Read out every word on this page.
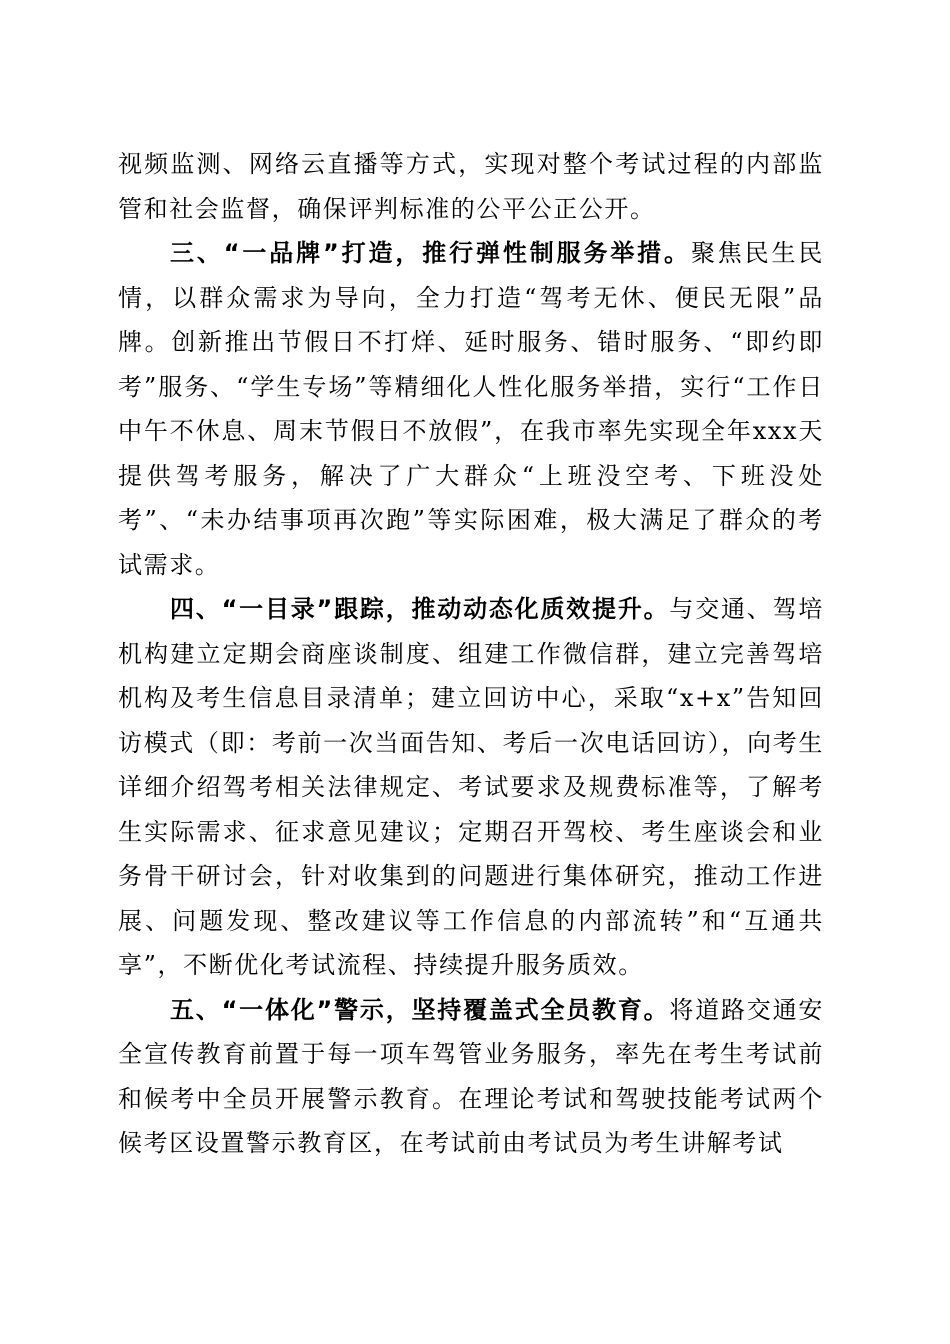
视频监测、网络云直播等方式，实现对整个考试过程的内部监管和社会监督，确保评判标准的公平公正公开。

三、“一品牌”打造，推行弹性制服务举措。聚焦民生民情，以群众需求为导向，全力打造“驾考无休、便民无限”品牌。创新推出节假日不打烊、延时服务、错时服务、“即约即考”服务、“学生专场”等精细化人性化服务举措，实行“工作日中午不休息、周末节假日不放假”，在我市率先实现全年xxx天提供驾考服务，解决了广大群众“上班没空考、下班没处考”、“未办结事项再次跑”等实际困难，极大满足了群众的考试需求。

四、“一目录”跟踪，推动动态化质效提升。与交通、驾培机构建立定期会商座谈制度、组建工作微信群，建立完善驾培机构及考生信息目录清单；建立回访中心，采取“x+x”告知回访模式（即：考前一次当面告知、考后一次电话回访），向考生详细介绍驾考相关法律规定、考试要求及规费标准等，了解考生实际需求、征求意见建议；定期召开驾校、考生座谈会和业务骨干研讨会，针对收集到的问题进行集体研究，推动工作进展、问题发现、整改建议等工作信息的内部流转”和“互通共享”，不断优化考试流程、持续提升服务质效。

五、“一体化”警示，坚持覆盖式全员教育。将道路交通安全宣传教育前置于每一项车驾管业务服务，率先在考生考试前和候考中全员开展警示教育。在理论考试和驾驶技能考试两个候考区设置警示教育区，在考试前由考试员为考生讲解考试
